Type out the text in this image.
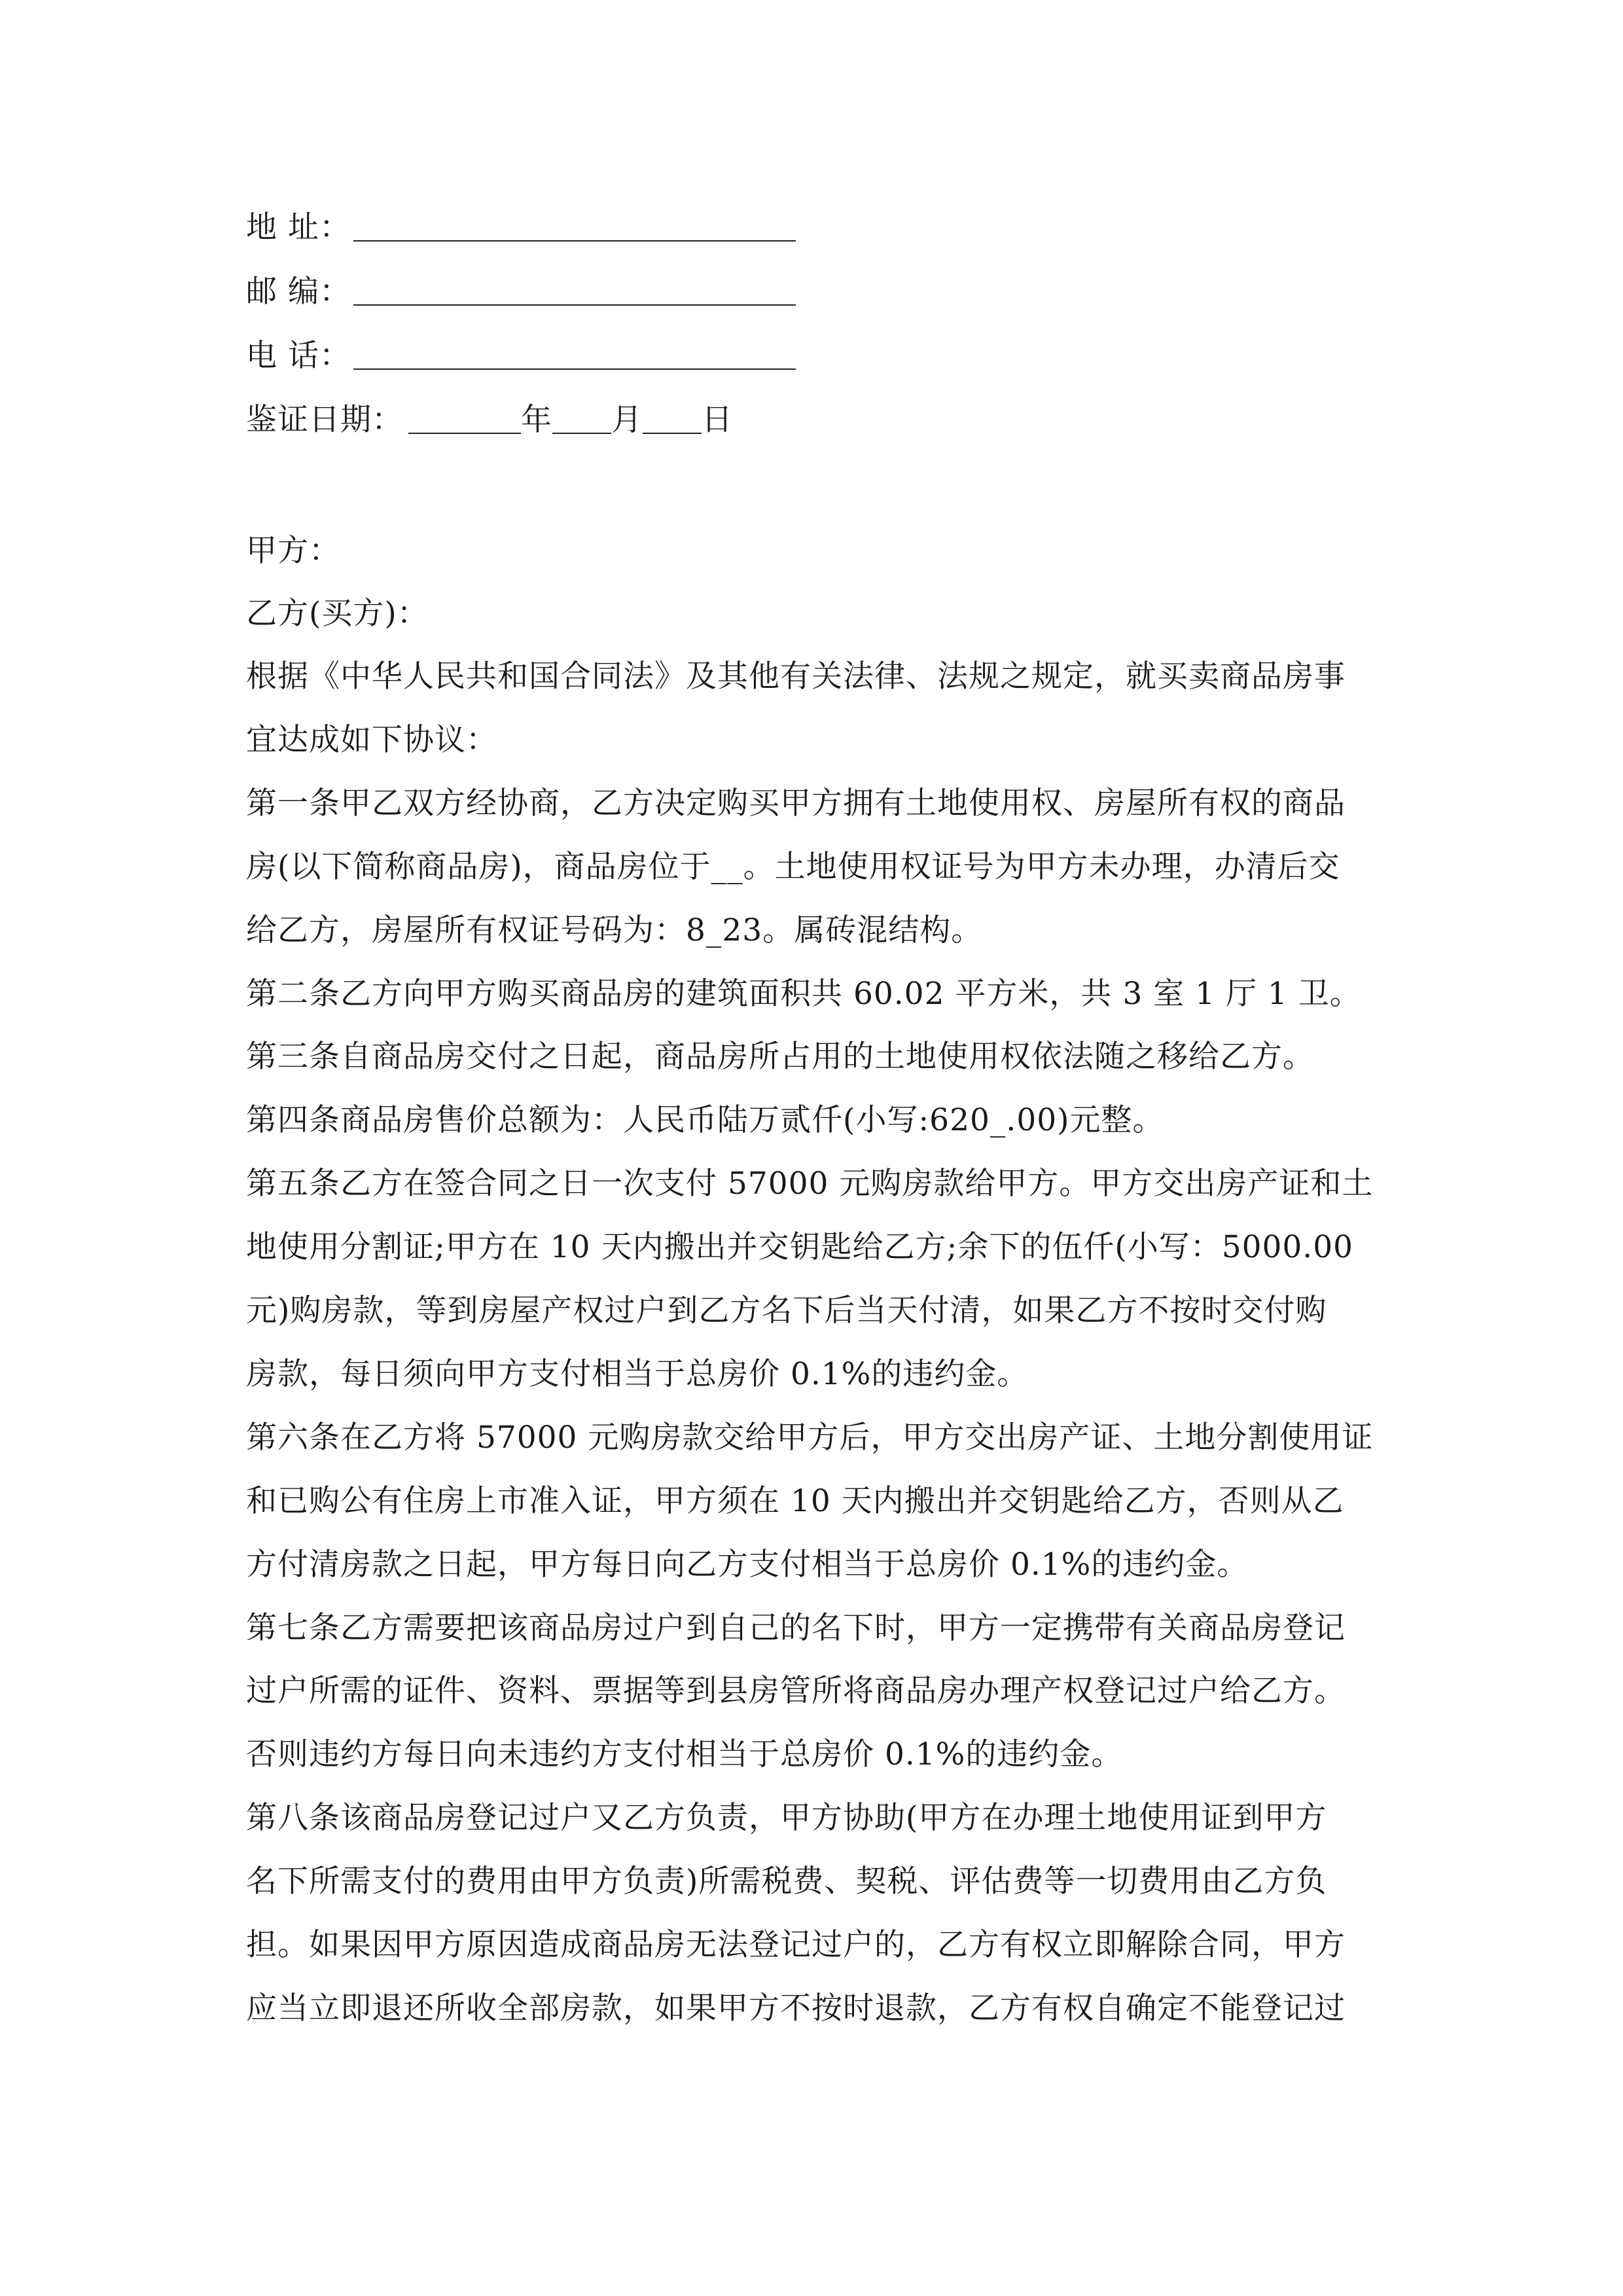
地 址：
邮 编：
电 话：
鉴证日期：	年 月 日
甲方：
乙方(买方)：
根据《中华人民共和国合同法》及其他有关法律、法规之规定，就买卖商品房事
宜达成如下协议：
第一条甲乙双方经协商，乙方决定购买甲方拥有土地使用权、房屋所有权的商品
房(以下简称商品房)，商品房位于__。土地使用权证号为甲方未办理，办清后交
给乙方，房屋所有权证号码为：8_23。属砖混结构。
第二条乙方向甲方购买商品房的建筑面积共 60.02 平方米，共 3 室 1 厅 1 卫。
第三条自商品房交付之日起，商品房所占用的土地使用权依法随之移给乙方。
第四条商品房售价总额为：人民币陆万贰仟(小写:620_.00)元整。
第五条乙方在签合同之日一次支付 57000 元购房款给甲方。甲方交出房产证和土
地使用分割证;甲方在 10 天内搬出并交钥匙给乙方;余下的伍仟(小写：5000.00
元)购房款，等到房屋产权过户到乙方名下后当天付清，如果乙方不按时交付购
房款，每日须向甲方支付相当于总房价 0.1%的违约金。
第六条在乙方将 57000 元购房款交给甲方后，甲方交出房产证、土地分割使用证
和已购公有住房上市准入证，甲方须在 10 天内搬出并交钥匙给乙方，否则从乙
方付清房款之日起，甲方每日向乙方支付相当于总房价 0.1%的违约金。
第七条乙方需要把该商品房过户到自己的名下时，甲方一定携带有关商品房登记
过户所需的证件、资料、票据等到县房管所将商品房办理产权登记过户给乙方。
否则违约方每日向未违约方支付相当于总房价 0.1%的违约金。
第八条该商品房登记过户又乙方负责，甲方协助(甲方在办理土地使用证到甲方
名下所需支付的费用由甲方负责)所需税费、契税、评估费等一切费用由乙方负
担。如果因甲方原因造成商品房无法登记过户的，乙方有权立即解除合同，甲方
应当立即退还所收全部房款，如果甲方不按时退款，乙方有权自确定不能登记过
